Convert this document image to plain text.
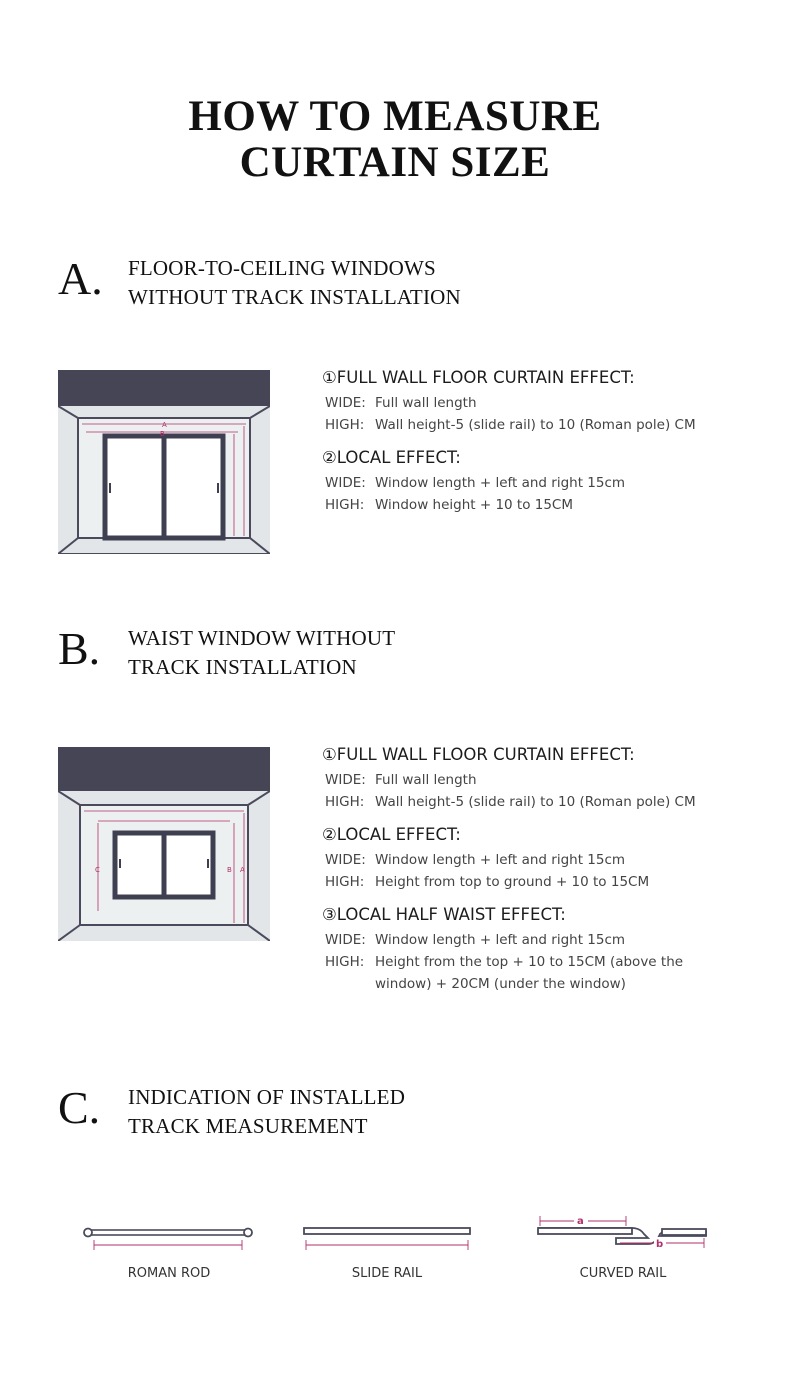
HOW TO MEASURE
CURTAIN SIZE
A. FLOOR-TO-CEILING WINDOWS
WITHOUT TRACK INSTALLATION
A
B
①FULL WALL FLOOR CURTAIN EFFECT:
WIDE: Full wall length
HIGH: Wall height-5 (slide rail) to 10 (Roman pole) CM
②LOCAL EFFECT:
WIDE: Window length + left and right 15cm
HIGH: Window height + 10 to 15CM
B. WAIST WINDOW WITHOUT
TRACK INSTALLATION
C	B A
①FULL WALL FLOOR CURTAIN EFFECT:
WIDE: Full wall length
HIGH: Wall height-5 (slide rail) to 10 (Roman pole) CM
②LOCAL EFFECT:
WIDE: Window length + left and right 15cm
HIGH: Height from top to ground + 10 to 15CM
③LOCAL HALF WAIST EFFECT:
WIDE: Window length + left and right 15cm
HIGH: Height from the top + 10 to 15CM (above the window) + 20CM (under the window)
C. INDICATION OF INSTALLED
TRACK MEASUREMENT
ROMAN ROD	SLIDE RAIL
a
b
CURVED RAIL
